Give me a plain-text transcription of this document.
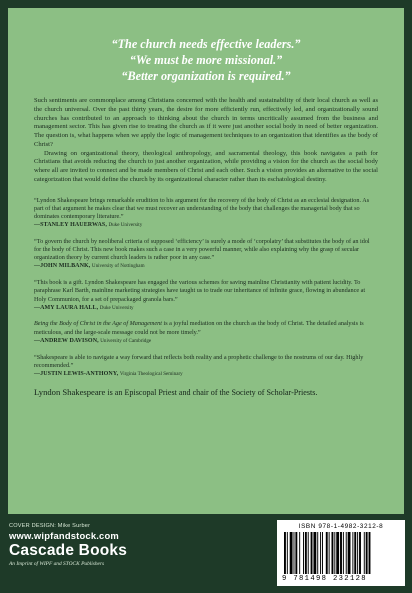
“The church needs effective leaders.”
“We must be more missional.”
“Better organization is required.”

Such sentiments are commonplace among Christians concerned with the health and sustainability of their local church as well as the church universal. Over the past thirty years, the desire for more efficiently run, effectively led, and organizationally sound churches has contributed to an approach to thinking about the church in terms uncritically assumed from the business and management sector. This has given rise to treating the church as if it were just another social body in need of better organization. The question is, what happens when we apply the logic of management techniques to an organization that identifies as the body of Christ?

Drawing on organizational theory, theological anthropology, and sacramental theology, this book navigates a path for Christians that avoids reducing the church to just another organization, while providing a vision for the church as the social body where all are invited to connect and be made members of Christ and each other. Such a vision provides an alternative to the social categorization that would define the church by its organizational character rather than its eschatological destiny.

“Lyndon Shakespeare brings remarkable erudition to his argument for the recovery of the body of Christ as an ecclesial designation. As part of that argument he makes clear that we must recover an understanding of the body that challenges the managerial body that so dominates contemporary literature.”
—STANLEY HAUERWAS, Duke University
“To govern the church by neoliberal criteria of supposed ‘efficiency’ is surely a mode of ‘corpolatry’ that substitutes the body of an idol for the body of Christ. This new book makes such a case in a very powerful manner, while also explaining why the grasp of secular organization theory by current church leaders is rather poor in any case.”
—JOHN MILBANK, University of Nottingham
“This book is a gift. Lyndon Shakespeare has engaged the various schemes for saving mainline Christianity with patient lucidity. To paraphrase Karl Barth, mainline marketing strategies have taught us to trade our inheritance of infinite grace, flowing in abundance at Holy Communion, for a set of prepackaged granola bars.”
—AMY LAURA HALL, Duke University
Being the Body of Christ in the Age of Management is a joyful mediation on the church as the body of Christ. The detailed analysis is meticulous, and the large-scale message could not be more timely.”
—ANDREW DAVISON, University of Cambridge
“Shakespeare is able to navigate a way forward that reflects both reality and a prophetic challenge to the nostrums of our day. Highly recommended.”
—JUSTIN LEWIS-ANTHONY, Virginia Theological Seminary
Lyndon Shakespeare is an Episcopal Priest and chair of the Society of Scholar-Priests.
COVER DESIGN: Mike Surber
www.wipfandstock.com
Cascade Books
An Imprint of WIPF and STOCK Publishers
ISBN 978-1-4982-3212-8
9 781498 232128
